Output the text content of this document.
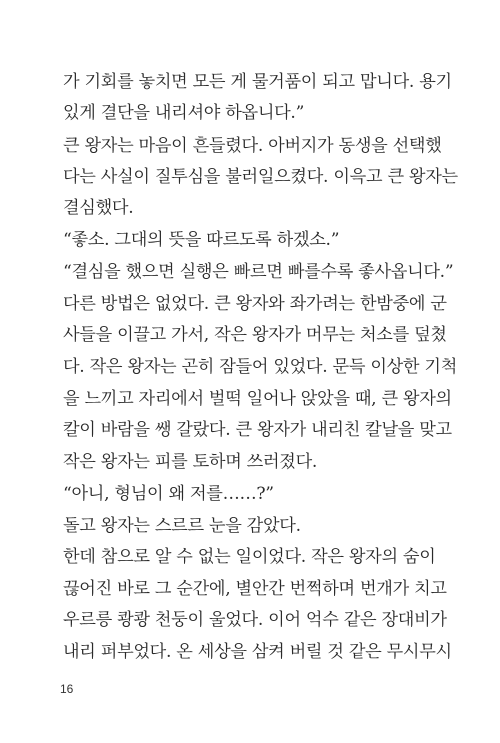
가 기회를 놓치면 모든 게 물거품이 되고 맙니다. 용기
있게 결단을 내리셔야 하옵니다.”
큰 왕자는 마음이 흔들렸다. 아버지가 동생을 선택했
다는 사실이 질투심을 불러일으켰다. 이윽고 큰 왕자는
결심했다.
“좋소. 그대의 뜻을 따르도록 하겠소.”
“결심을 했으면 실행은 빠르면 빠를수록 좋사옵니다.”
다른 방법은 없었다. 큰 왕자와 좌가려는 한밤중에 군
사들을 이끌고 가서, 작은 왕자가 머무는 처소를 덮쳤
다. 작은 왕자는 곤히 잠들어 있었다. 문득 이상한 기척
을 느끼고 자리에서 벌떡 일어나 앉았을 때, 큰 왕자의
칼이 바람을 쌩 갈랐다. 큰 왕자가 내리친 칼날을 맞고
작은 왕자는 피를 토하며 쓰러졌다.
“아니, 형님이 왜 저를……?”
돌고 왕자는 스르르 눈을 감았다.
한데 참으로 알 수 없는 일이었다. 작은 왕자의 숨이
끊어진 바로 그 순간에, 별안간 번쩍하며 번개가 치고
우르릉 쾅쾅 천둥이 울었다. 이어 억수 같은 장대비가
내리 퍼부었다. 온 세상을 삼켜 버릴 것 같은 무시무시
16
